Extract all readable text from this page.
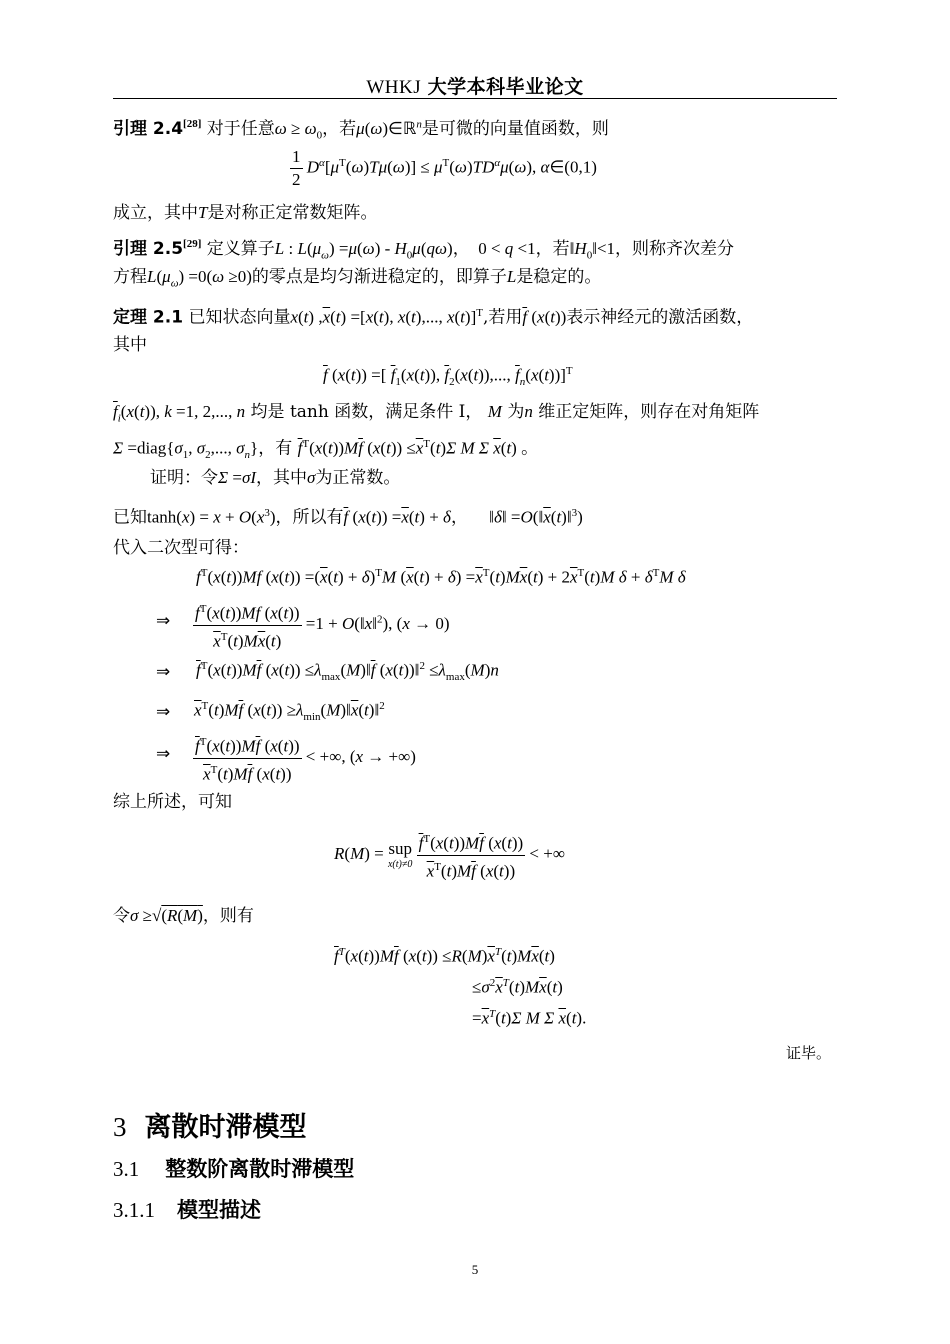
WHKJ 大学本科毕业论文
引理 2.4[28] 对于任意$\omega \ge \omega_0$，若μ(ω)∈ℝ$^n$是可微的向量值函数，则
$\frac{1}{2} D^\alpha[\mu^T(\omega)T\mu(\omega)] \le \mu^T(\omega)TD^\alpha\mu(\omega)$, α∈(0,1)
成立，其中T是对称正定常数矩阵。
引理 2.5[29] 定义算子L : $L(\mu_\omega) =\mu(\omega) - H_0\mu(q\omega)$，  0 < q <1，若$‖H_0‖<1$，则称齐次差分
方程$L(\mu_\omega) =0(\omega \ge 0)$的零点是均匀渐进稳定的，即算子L是稳定的。
定理 2.1 已知状态向量x(t) $,\overline{x}(t) =[x(t)$, x(t),..., x(t)]$^T$,若用$\overline{f}$ (x(t))表示神经元的激活函数，
其中
$\overline{f}$ (x(t)) =[ $\overline{f}_1(x(t))$, $\overline{f}_2(x(t))$,..., $\overline{f}_n(x(t))]^T$
$\overline{f}_i(x(t))$, k =1, 2,..., n 均是 tanh 函数，满足条件 I， M 为n 维正定矩阵，则存在对角矩阵
$\Sigma =diag\{\sigma_1$, $\sigma_2$,..., $\sigma_n$}，有 $\overline{f}^T(x(t))M\overline{f}$ $(x(t)) \le\overline{x}^T(t)\Sigma$ M Σ $\overline{x}(t)$ 。
证明：令Σ =σI，其中σ为正常数。
已知$\tanh(x) = x + O(x^3)$，所以有$\overline{f}$ $(x(t)) =\overline{x}(t) + \delta$，     ‖δ‖ $=O(‖\overline{x}(t)‖^3)$
代入二次型可得：
$f^T(x(t))Mf$ $(x(t)) =(\overline{x}(t) + \delta)^TM$ $(\overline{x}(t) + \delta) =\overline{x}^T(t)M\overline{x}(t) + 2\overline{x}^T(t)M$ $\delta + \delta^TM$ δ
⇒ $\frac{f^T(x(t))Mf (x(t))}{\overline{x}^T(t)M\overline{x}(t)} =1$ + O(‖x‖$^2$), (x → 0)
⇒ $\overline{f}^T(x(t))M\overline{f}$ $(x(t)) \le\lambda_{max}(M)‖\overline{f}$ (x(t))‖$^2$ $\le\lambda_{max}(M)n$
⇒ $\overline{x}^T(t)M\overline{f}$ $(x(t)) \ge\lambda_{min}(M)‖\overline{x}(t)‖^2$
⇒ $\frac{\overline{f}^T(x(t))M\overline{f} (x(t))}{\overline{x}^T(t)M\overline{f} (x(t))}$ < +∞, (x → +∞)
综上所述，可知
R(M) = sup
x(t)≠0
$\frac{\overline{f}^T(x(t))M\overline{f} (x(t))}{\overline{x}^T(t)M\overline{f} (x(t))}$ < +∞
令$\sigma \ge√(\overline{R}(\overline{M})$，则有
$\overline{f}^T(x(t))M\overline{f}$ $(x(t)) \le R(M)\overline{x}^T(t)M\overline{x}(t)$
$\le\sigma^2\overline{x}^T(t)M\overline{x}(t)$
$=\overline{x}^T(t)\Sigma$ M Σ $\overline{x}(t)$.
证毕。
3 离散时滞模型
3.1 整数阶离散时滞模型
3.1.1 模型描述
5
